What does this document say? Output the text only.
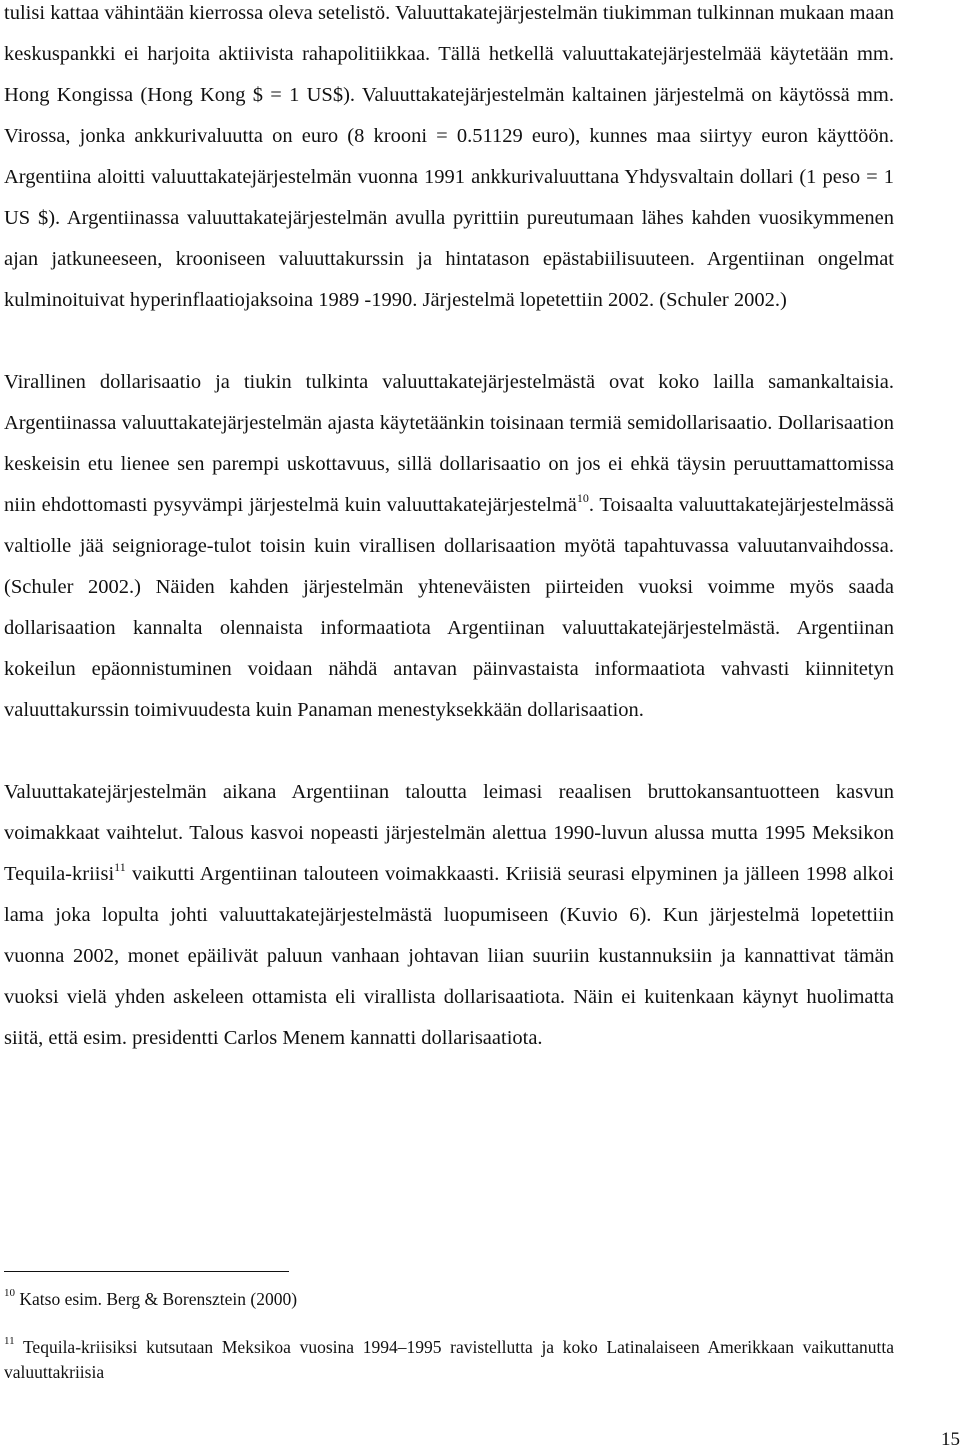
tulisi kattaa vähintään kierrossa oleva setelistö. Valuuttakatejärjestelmän tiukimman tulkinnan mukaan maan keskuspankki ei harjoita aktiivista rahapolitiikkaa. Tällä hetkellä valuuttakatejärjestelmää käytetään mm. Hong Kongissa (Hong Kong $ = 1 US$). Valuuttakatejärjestelmän kaltainen järjestelmä on käytössä mm. Virossa, jonka ankkurivaluutta on euro (8 krooni = 0.51129 euro), kunnes maa siirtyy euron käyttöön. Argentiina aloitti valuuttakatejärjestelmän vuonna 1991 ankkurivaluuttana Yhdysvaltain dollari (1 peso = 1 US $). Argentiinassa valuuttakatejärjestelmän avulla pyrittiin pureutumaan lähes kahden vuosikymmenen ajan jatkuneeseen, krooniseen valuuttakurssin ja hintatason epästabiilisuuteen. Argentiinan ongelmat kulminoituivat hyperinflaatiojaksoina 1989 -1990. Järjestelmä lopetettiin 2002. (Schuler 2002.)

Virallinen dollarisaatio ja tiukin tulkinta valuuttakatejärjestelmästä ovat koko lailla samankaltaisia. Argentiinassa valuuttakatejärjestelmän ajasta käytetäänkin toisinaan termiä semidollarisaatio. Dollarisaation keskeisin etu lienee sen parempi uskottavuus, sillä dollarisaatio on jos ei ehkä täysin peruuttamattomissa niin ehdottomasti pysyvämpi järjestelmä kuin valuuttakatejärjestelmä$^{10}$. Toisaalta valuuttakatejärjestelmässä valtiolle jää seigniorage-tulot toisin kuin virallisen dollarisaation myötä tapahtuvassa valuutanvaihdossa. (Schuler 2002.) Näiden kahden järjestelmän yhteneväisten piirteiden vuoksi voimme myös saada dollarisaation kannalta olennaista informaatiota Argentiinan valuuttakatejärjestelmästä. Argentiinan kokeilun epäonnistuminen voidaan nähdä antavan päinvastaista informaatiota vahvasti kiinnitetyn valuuttakurssin toimivuudesta kuin Panaman menestyksekkään dollarisaation.

Valuuttakatejärjestelmän aikana Argentiinan taloutta leimasi reaalisen bruttokansantuotteen kasvun voimakkaat vaihtelut. Talous kasvoi nopeasti järjestelmän alettua 1990-luvun alussa mutta 1995 Meksikon Tequila-kriisi$^{11}$ vaikutti Argentiinan talouteen voimakkaasti. Kriisiä seurasi elpyminen ja jälleen 1998 alkoi lama joka lopulta johti valuuttakatejärjestelmästä luopumiseen (Kuvio 6). Kun järjestelmä lopetettiin vuonna 2002, monet epäilivät paluun vanhaan johtavan liian suuriin kustannuksiin ja kannattivat tämän vuoksi vielä yhden askeleen ottamista eli virallista dollarisaatiota. Näin ei kuitenkaan käynyt huolimatta siitä, että esim. presidentti Carlos Menem kannatti dollarisaatiota.

$^{10}$ Katso esim. Berg & Borensztein (2000)

$^{11}$ Tequila-kriisiksi kutsutaan Meksikoa vuosina 1994–1995 ravistellutta ja koko Latinalaiseen Amerikkaan vaikuttanutta valuuttakriisia

15
